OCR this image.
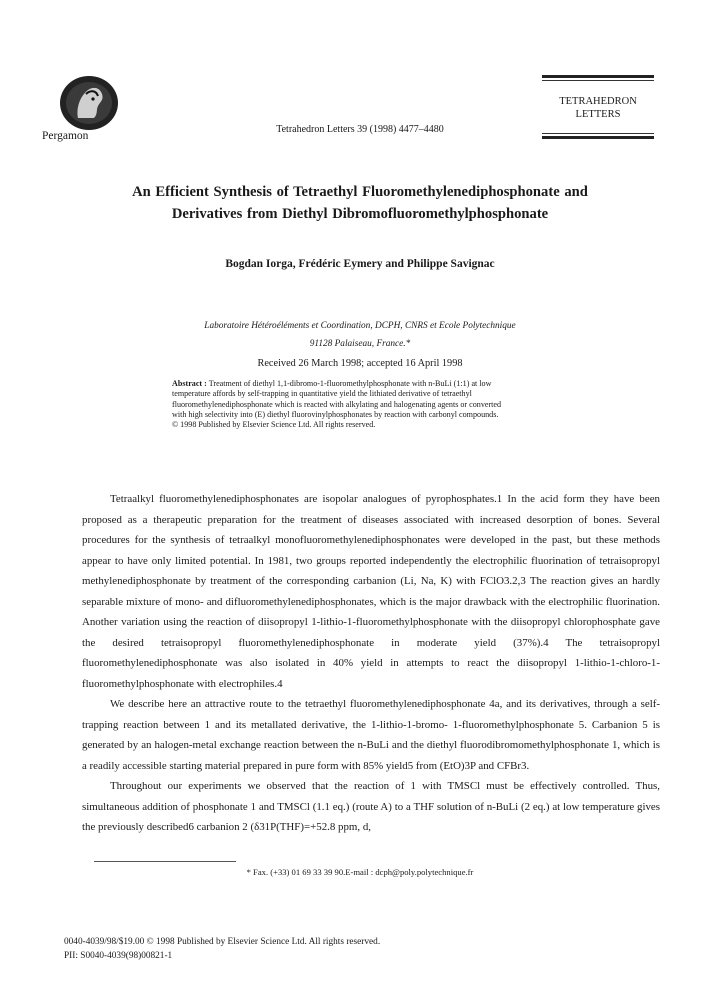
Pergamon
Tetrahedron Letters 39 (1998) 4477–4480
TETRAHEDRON
LETTERS
An Efficient Synthesis of Tetraethyl Fluoromethylenediphosphonate and
Derivatives from Diethyl Dibromofluoromethylphosphonate
Bogdan Iorga, Frédéric Eymery and Philippe Savignac
Laboratoire Hétéroéléments et Coordination, DCPH, CNRS et Ecole Polytechnique
91128 Palaiseau, France.*
Received 26 March 1998; accepted 16 April 1998
Abstract : Treatment of diethyl 1,1-dibromo-1-fluoromethylphosphonate with n-BuLi (1:1) at low
temperature affords by self-trapping in quantitative yield the lithiated derivative of tetraethyl
fluoromethylenediphosphonate which is reacted with alkylating and halogenating agents or converted
with high selectivity into (E) diethyl fluorovinylphosphonates by reaction with carbonyl compounds.
© 1998 Published by Elsevier Science Ltd. All rights reserved.

Tetraalkyl fluoromethylenediphosphonates are isopolar analogues of pyrophosphates.1 In the acid form they have been proposed as a therapeutic preparation for the treatment of diseases associated with increased desorption of bones. Several procedures for the synthesis of tetraalkyl monofluoromethylenediphosphonates were developed in the past, but these methods appear to have only limited potential. In 1981, two groups reported independently the electrophilic fluorination of tetraisopropyl methylenediphosphonate by treatment of the corresponding carbanion (Li, Na, K) with FClO3.2,3 The reaction gives an hardly separable mixture of mono- and difluoromethylenediphosphonates, which is the major drawback with the electrophilic fluorination. Another variation using the reaction of diisopropyl 1-lithio-1-fluoromethylphosphonate with the diisopropyl chlorophosphate gave the desired tetraisopropyl fluoromethylenediphosphonate in moderate yield (37%).4 The tetraisopropyl fluoromethylenediphosphonate was also isolated in 40% yield in attempts to react the diisopropyl 1-lithio-1-chloro-1-fluoromethylphosphonate with electrophiles.4

We describe here an attractive route to the tetraethyl fluoromethylenediphosphonate 4a, and its derivatives, through a self-trapping reaction between 1 and its metallated derivative, the 1-lithio-1-bromo- 1-fluoromethylphosphonate 5. Carbanion 5 is generated by an halogen-metal exchange reaction between the n-BuLi and the diethyl fluorodibromomethylphosphonate 1, which is a readily accessible starting material prepared in pure form with 85% yield5 from (EtO)3P and CFBr3.

Throughout our experiments we observed that the reaction of 1 with TMSCl must be effectively controlled. Thus, simultaneous addition of phosphonate 1 and TMSCl (1.1 eq.) (route A) to a THF solution of n-BuLi (2 eq.) at low temperature gives the previously described6 carbanion 2 (δ31P(THF)=+52.8 ppm, d,

* Fax. (+33) 01 69 33 39 90.E-mail : dcph@poly.polytechnique.fr
0040-4039/98/$19.00 © 1998 Published by Elsevier Science Ltd. All rights reserved.
PII: S0040-4039(98)00821-1
